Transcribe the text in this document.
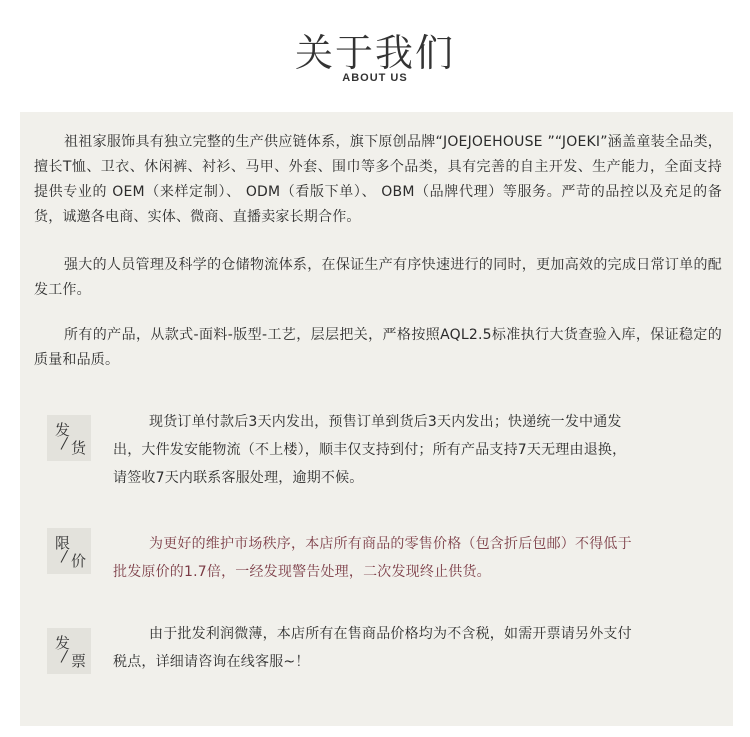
关于我们
ABOUT US

祖祖家服饰具有独立完整的生产供应链体系，旗下原创品牌“JOEJOEHOUSE ”“JOEKI”涵盖童装全品类，擅长T恤、卫衣、休闲裤、衬衫、马甲、外套、围巾等多个品类，具有完善的自主开发、生产能力，全面支持提供专业的 OEM（来样定制）、 ODM（看版下单）、 OBM（品牌代理）等服务。严苛的品控以及充足的备货，诚邀各电商、实体、微商、直播卖家长期合作。

强大的人员管理及科学的仓储物流体系，在保证生产有序快速进行的同时，更加高效的完成日常订单的配发工作。

所有的产品，从款式-面料-版型-工艺，层层把关，严格按照AQL2.5标准执行大货查验入库，保证稳定的质量和品质。

发
货

现货订单付款后3天内发出，预售订单到货后3天内发出；快递统一发中通发出，大件发安能物流（不上楼），顺丰仅支持到付；所有产品支持7天无理由退换，请签收7天内联系客服处理，逾期不候。

限
价

为更好的维护市场秩序，本店所有商品的零售价格（包含折后包邮）不得低于批发原价的1.7倍，一经发现警告处理，二次发现终止供货。

发
票

由于批发利润微薄，本店所有在售商品价格均为不含税，如需开票请另外支付税点，详细请咨询在线客服~！
